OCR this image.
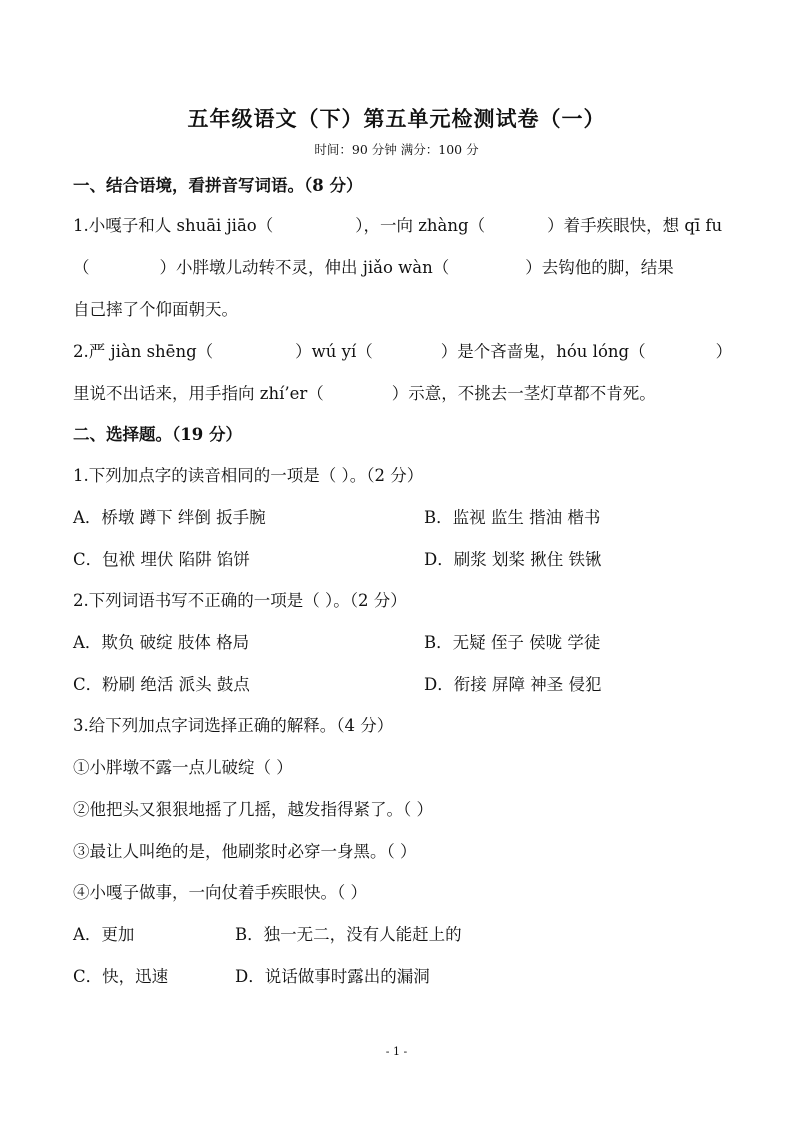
五年级语文（下）第五单元检测试卷（一）
时间：90 分钟 满分：100 分
一、结合语境，看拼音写词语。（8 分）
1.小嘎子和人 shuāi jiāo（	），一向 zhàng（	）着手疾眼快，想 qī fu
（	）小胖墩儿动转不灵，伸出 jiǎo wàn（	）去钩他的脚，结果
自己摔了个仰面朝天。
2.严 jiàn shēng（	）wú yí（	）是个吝啬鬼，hóu lóng（	）
里说不出话来，用手指向 zhí’er（	）示意，不挑去一茎灯草都不肯死。
二、选择题。（19 分）
1.下列加点字的读音相同的一项是（ ）。（2 分）
A．桥墩 蹲下 绊倒 扳手腕	B．监视 监生 揩油 楷书
C．包袱 埋伏 陷阱 馅饼	D．刷浆 划桨 揪住 铁锹
2.下列词语书写不正确的一项是（ ）。（2 分）
A．欺负 破绽 肢体 格局	B．无疑 侄子 侯咙 学徒
C．粉刷 绝活 派头 鼓点	D．衔接 屏障 神圣 侵犯
3.给下列加点字词选择正确的解释。（4 分）
①小胖墩不露一点儿破绽（ ）
②他把头又狠狠地摇了几摇，越发指得紧了。（ ）
③最让人叫绝的是，他刷浆时必穿一身黑。（ ）
④小嘎子做事，一向仗着手疾眼快。（ ）
A．更加	B．独一无二，没有人能赶上的
C．快，迅速	D．说话做事时露出的漏洞
- 1 -
